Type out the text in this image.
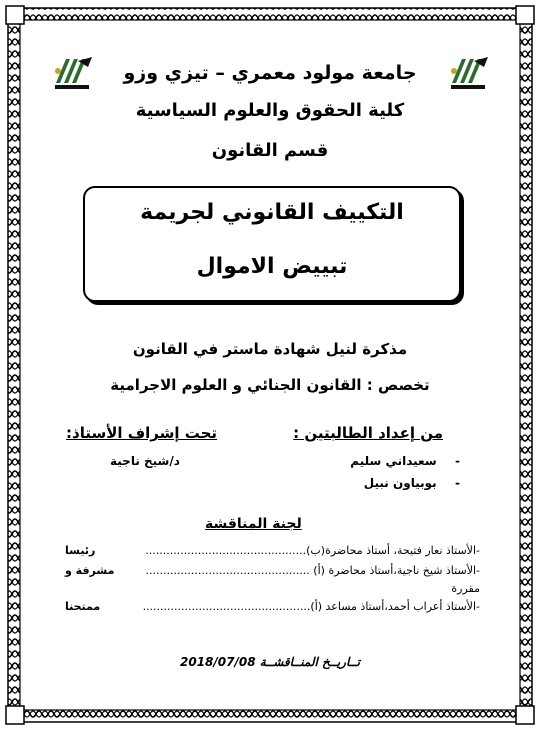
جامعة مولود معمري – تيزي وزو
كلية الحقوق والعلوم السياسية
قسم القانون
التكييف القانوني لجريمة
تبييض الاموال
مذكرة لنيل شهادة ماستر في القانون
تخصص : القانون الجنائي و العلوم الاجرامية
من إعداد الطالبتين :
-  سعيداني سليم
-  بوبياون نبيل
تحت إشراف الأستاذ:
د/شيخ ناجية
لجنة المناقشة
-الأستاذ نعار فتيحة، أستاذ محاضرة(ب)..............................................
رئيسا
-الأستاذ شيخ ناجية،أستاذ محاضرة (أ) ...............................................
مشرفة و
مقررة
-الأستاذ أعراب أحمد،أستاذ مساعد (أ)................................................
ممتحنا
تــاريــخ المنــاقشــة 2018/07/08
